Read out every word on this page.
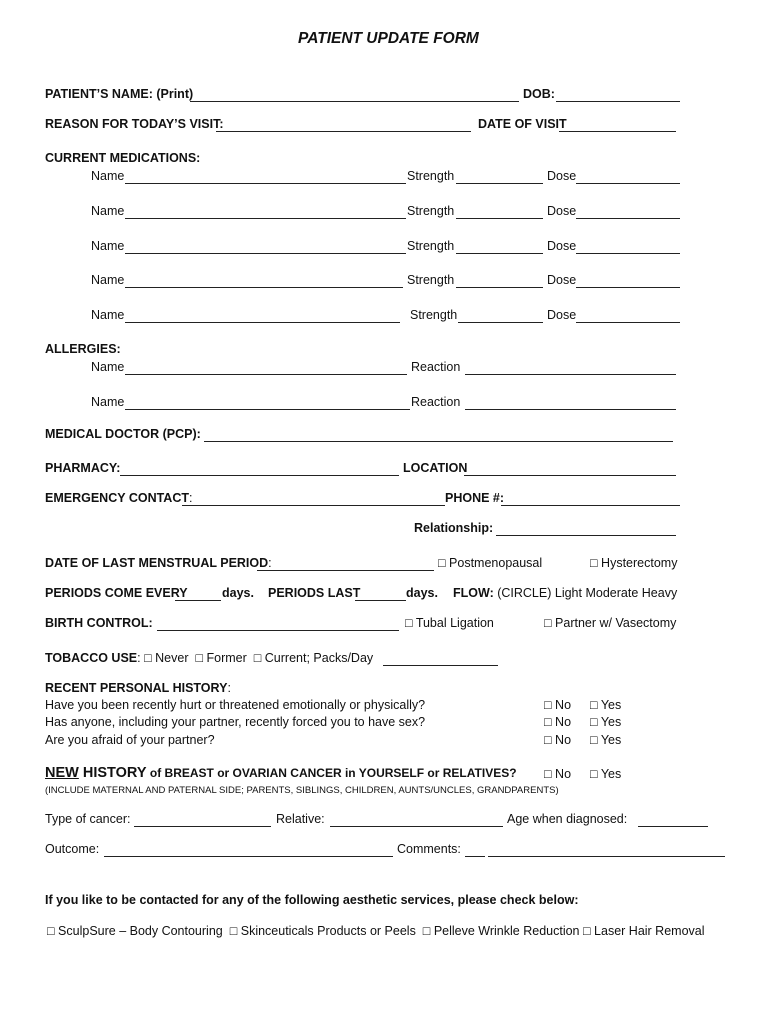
PATIENT UPDATE FORM
PATIENT’S NAME: (Print)	DOB:
REASON FOR TODAY’S VISIT:	DATE OF VISIT
CURRENT MEDICATIONS:
Name	Strength	Dose
Name	Strength	Dose
Name	Strength	Dose
Name	Strength	Dose
Name	Strength	Dose
ALLERGIES:
Name	Reaction
Name	Reaction
MEDICAL DOCTOR (PCP):
PHARMACY:	LOCATION
EMERGENCY CONTACT:	PHONE #:
Relationship:
DATE OF LAST MENSTRUAL PERIOD:	□ Postmenopausal	□ Hysterectomy
PERIODS COME EVERY	days. PERIODS LAST	days. FLOW: (CIRCLE) Light Moderate Heavy
BIRTH CONTROL:	□ Tubal Ligation	□ Partner w/ Vasectomy
TOBACCO USE: □ Never □ Former □ Current; Packs/Day
RECENT PERSONAL HISTORY:
Have you been recently hurt or threatened emotionally or physically?	□ No □ Yes
Has anyone, including your partner, recently forced you to have sex?	□ No □ Yes
Are you afraid of your partner?	□ No □ Yes
NEW HISTORY of BREAST or OVARIAN CANCER in YOURSELF or RELATIVES? □ No □ Yes
(INCLUDE MATERNAL AND PATERNAL SIDE; PARENTS, SIBLINGS, CHILDREN, AUNTS/UNCLES, GRANDPARENTS)
Type of cancer:	Relative:	Age when diagnosed:
Outcome:	Comments:
If you like to be contacted for any of the following aesthetic services, please check below:
□ SculpSure – Body Contouring □ Skinceuticals Products or Peels □ Pelleve Wrinkle Reduction □ Laser Hair Removal
